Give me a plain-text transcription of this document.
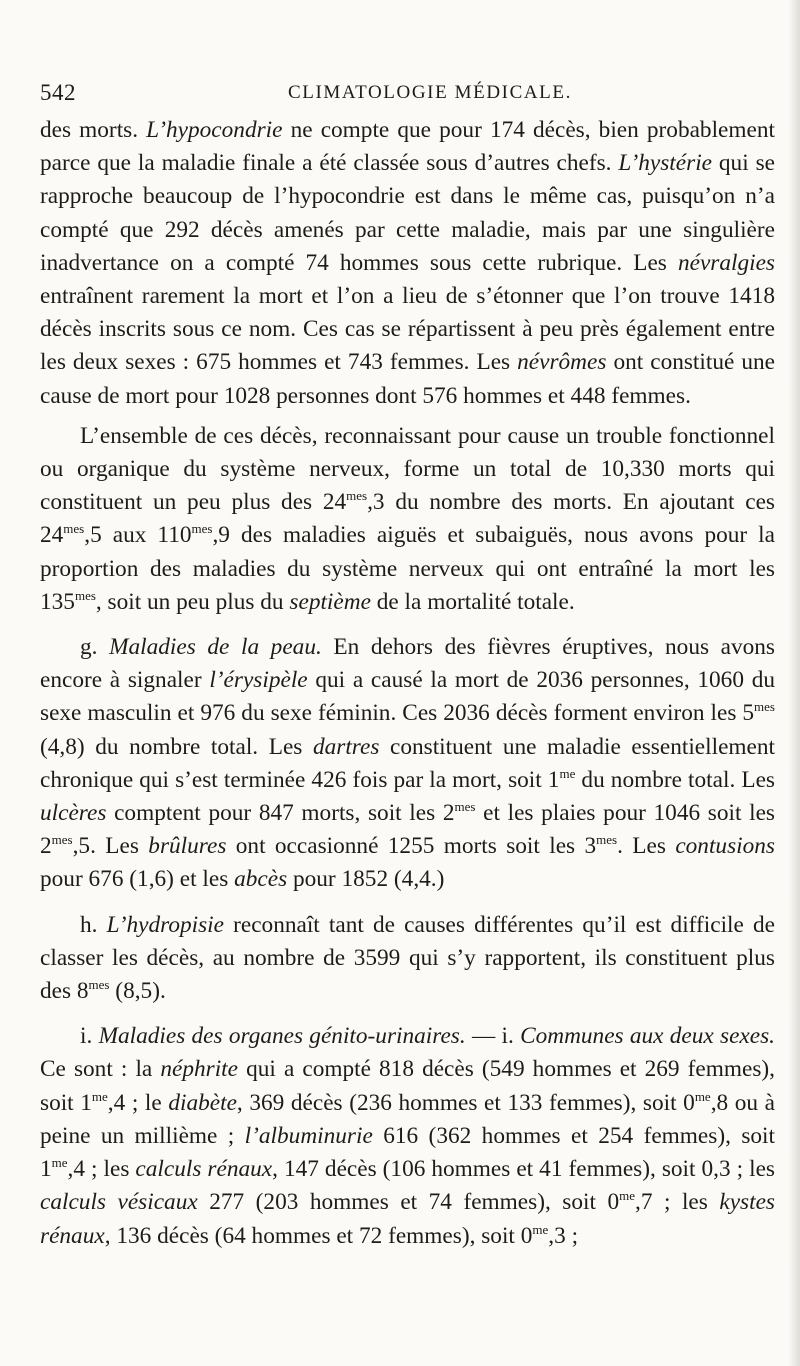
542	CLIMATOLOGIE MÉDICALE.

des morts. L’hypocondrie ne compte que pour 174 décès, bien probablement parce que la maladie finale a été classée sous d’autres chefs. L’hystérie qui se rapproche beaucoup de l’hypocondrie est dans le même cas, puisqu’on n’a compté que 292 décès amenés par cette maladie, mais par une singulière inadvertance on a compté 74 hommes sous cette rubrique. Les névralgies entraînent rarement la mort et l’on a lieu de s’étonner que l’on trouve 1418 décès inscrits sous ce nom. Ces cas se répartissent à peu près également entre les deux sexes : 675 hommes et 743 femmes. Les névrômes ont constitué une cause de mort pour 1028 personnes dont 576 hommes et 448 femmes.

L’ensemble de ces décès, reconnaissant pour cause un trouble fonctionnel ou organique du système nerveux, forme un total de 10,330 morts qui constituent un peu plus des $24^{mes},3$ du nombre des morts. En ajoutant ces $24^{mes},5$ aux $110^{mes},9$ des maladies aiguës et subaiguës, nous avons pour la proportion des maladies du système nerveux qui ont entraîné la mort les $135^{mes}$, soit un peu plus du septième de la mortalité totale.

g. Maladies de la peau. En dehors des fièvres éruptives, nous avons encore à signaler l’érysipèle qui a causé la mort de 2036 personnes, 1060 du sexe masculin et 976 du sexe féminin. Ces 2036 décès forment environ les $5^{mes}$ (4,8) du nombre total. Les dartres constituent une maladie essentiellement chronique qui s’est terminée 426 fois par la mort, soit $1^{me}$ du nombre total. Les ulcères comptent pour 847 morts, soit les $2^{mes}$ et les plaies pour 1046 soit les $2^{mes},5$. Les brûlures ont occasionné 1255 morts soit les $3^{mes}$. Les contusions pour 676 (1,6) et les abcès pour 1852 (4,4.)

h. L’hydropisie reconnaît tant de causes différentes qu’il est difficile de classer les décès, au nombre de 3599 qui s’y rapportent, ils constituent plus des $8^{mes}$ (8,5).

i. Maladies des organes génito-urinaires. — i. Communes aux deux sexes. Ce sont : la néphrite qui a compté 818 décès (549 hommes et 269 femmes), soit $1^{me},4$ ; le diabète, 369 décès (236 hommes et 133 femmes), soit $0^{me},8$ ou à peine un millième ; l’albuminurie 616 (362 hommes et 254 femmes), soit $1^{me},4$ ; les calculs rénaux, 147 décès (106 hommes et 41 femmes), soit 0,3 ; les calculs vésicaux 277 (203 hommes et 74 femmes), soit $0^{me},7$ ; les kystes rénaux, 136 décès (64 hommes et 72 femmes), soit $0^{me},3$ ;
